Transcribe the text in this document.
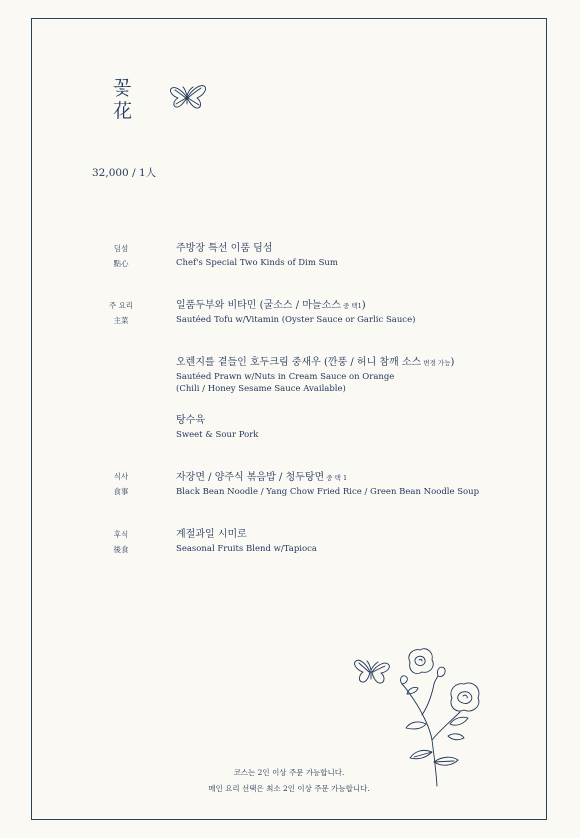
꽃
花
32,000 / 1人
딤섬
點心
주방장 특선 이품 딤섬
Chef's Special Two Kinds of Dim Sum
주 요리
主菜
일품두부와 비타민 (굴소스 / 마늘소스 중 택1)
Sautéed Tofu w/Vitamin (Oyster Sauce or Garlic Sauce)
오렌지를 곁들인 호두크림 중새우 (깐풍 / 허니 참깨 소스 변경 가능)
Sautéed Prawn w/Nuts in Cream Sauce on Orange
(Chili / Honey Sesame Sauce Available)
탕수육
Sweet & Sour Pork
식사
食事
자장면 / 양주식 볶음밥 / 청두탕면 중 택 1
Black Bean Noodle / Yang Chow Fried Rice / Green Bean Noodle Soup
후식
後食
계절과일 시미로
Seasonal Fruits Blend w/Tapioca
코스는 2인 이상 주문 가능합니다.
메인 요리 선택은 최소 2인 이상 주문 가능합니다.
